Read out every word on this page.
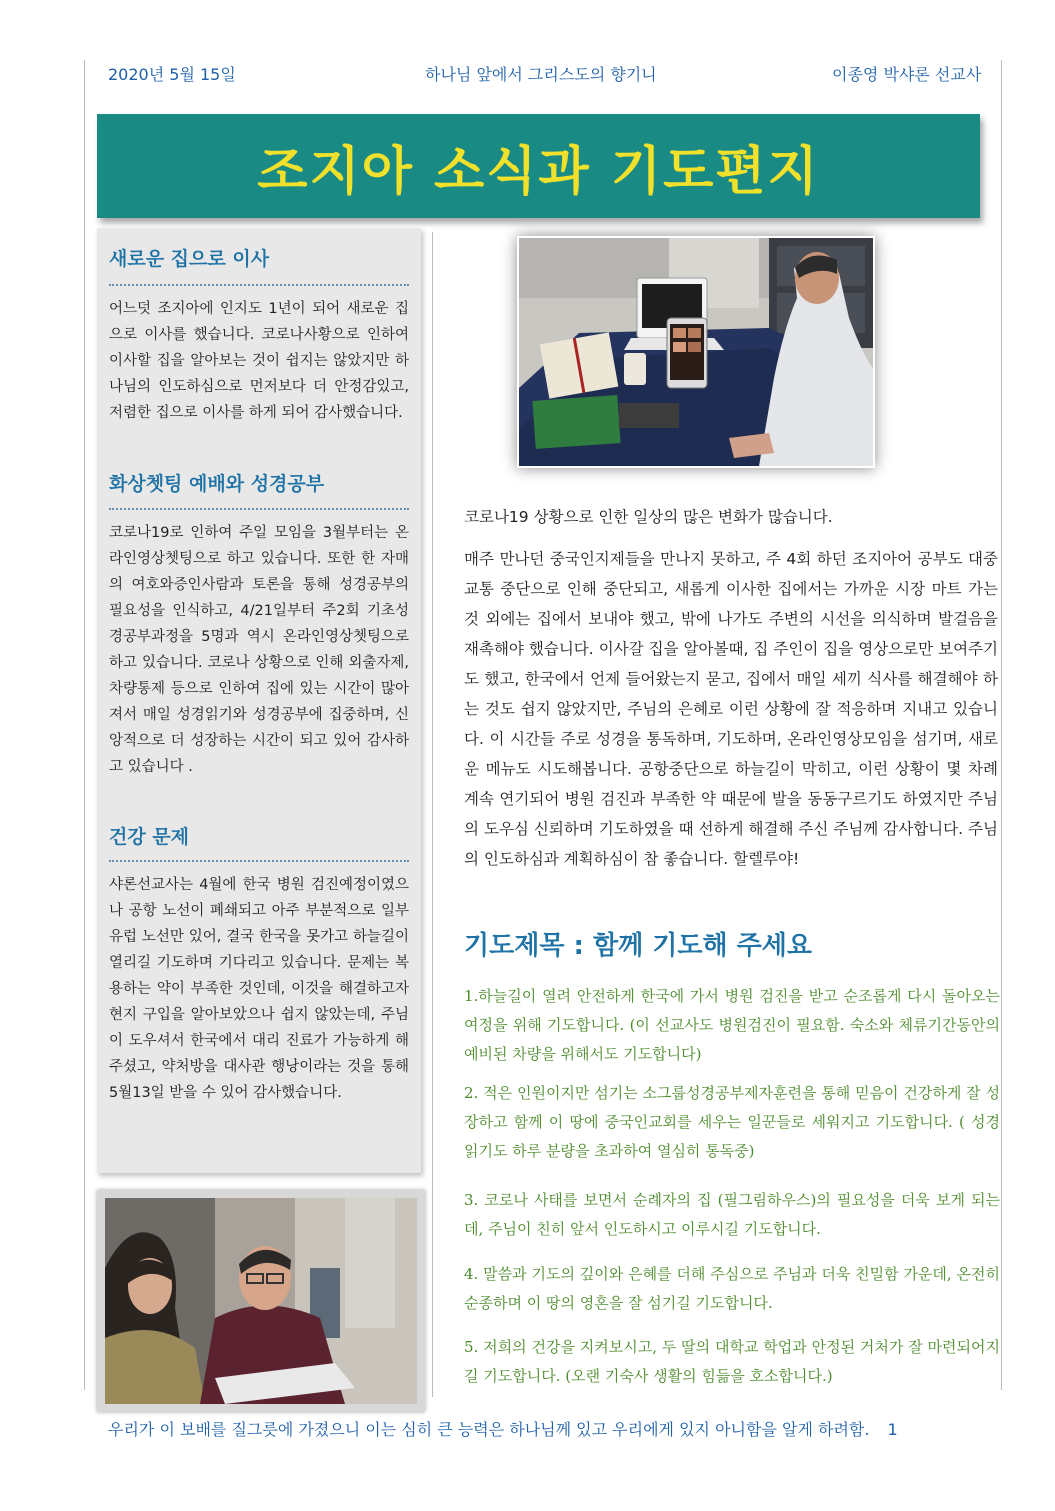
2020년 5월 15일	하나님 앞에서 그리스도의 향기니	이종영 박샤론 선교사
조지아 소식과 기도편지
새로운 집으로 이사

어느덧 조지아에 인지도 1년이 되어 새로운 집으로 이사를 했습니다. 코로나사황으로 인하여 이사할 집을 알아보는 것이 쉽지는 않았지만 하나님의 인도하심으로 먼저보다 더 안정감있고, 저렴한 집으로 이사를 하게 되어 감사했습니다.

화상쳇팅 예배와 성경공부

코로나19로 인하여 주일 모임을 3월부터는 온라인영상쳇팅으로 하고 있습니다. 또한 한 자매의 여호와증인사람과 토론을 통해 성경공부의 필요성을 인식하고, 4/21일부터 주2회 기초성경공부과정을 5명과 역시 온라인영상쳇팅으로 하고 있습니다. 코로나 상황으로 인해 외출자제, 차량통제 등으로 인하여 집에 있는 시간이 많아져서 매일 성경읽기와 성경공부에 집중하며, 신앙적으로 더 성장하는 시간이 되고 있어 감사하고 있습니다 .

건강 문제

샤론선교사는 4월에 한국 병원 검진예정이였으나 공항 노선이 폐쇄되고 아주 부분적으로 일부 유럽 노선만 있어, 결국 한국을 못가고 하늘길이 열리길 기도하며 기다리고 있습니다. 문제는 복용하는 약이 부족한 것인데, 이것을 해결하고자 현지 구입을 알아보았으나 쉽지 않았는데, 주님이 도우셔서 한국에서 대리 진료가 가능하게 해주셨고, 약처방을 대사관 행낭이라는 것을 통해 5월13일 받을 수 있어 감사했습니다.

코로나19 상황으로 인한 일상의 많은 변화가 많습니다.

매주 만나던 중국인지제들을 만나지 못하고, 주 4회 하던 조지아어 공부도 대중교통 중단으로 인해 중단되고, 새롭게 이사한 집에서는 가까운 시장 마트 가는 것 외에는 집에서 보내야 했고, 밖에 나가도 주변의 시선을 의식하며 발걸음을 재촉해야 했습니다. 이사갈 집을 알아볼때, 집 주인이 집을 영상으로만 보여주기도 했고, 한국에서 언제 들어왔는지 묻고, 집에서 매일 세끼 식사를 해결해야 하는 것도 쉽지 않았지만, 주님의 은혜로 이런 상황에 잘 적응하며 지내고 있습니다. 이 시간들 주로 성경을 통독하며, 기도하며, 온라인영상모임을 섬기며, 새로운 메뉴도 시도해봅니다. 공항중단으로 하늘길이 막히고, 이런 상황이 몇 차례 계속 연기되어 병원 검진과 부족한 약 때문에 발을 동동구르기도 하였지만 주님의 도우심 신뢰하며 기도하였을 때 선하게 해결해 주신 주님께 감사합니다. 주님의 인도하심과 계획하심이 참 좋습니다. 할렐루야!

기도제목 : 함께 기도해 주세요

1.하늘길이 열려 안전하게 한국에 가서 병원 검진을 받고 순조롭게 다시 돌아오는 여정을 위해 기도합니다. (이 선교사도 병원검진이 필요함. 숙소와 체류기간동안의 예비된 차량을 위해서도 기도합니다)

2. 적은 인원이지만 섬기는 소그룹성경공부제자훈련을 통해 믿음이 건강하게 잘 성장하고 함께 이 땅에 중국인교회를 세우는 일꾼들로 세워지고 기도합니다. ( 성경읽기도 하루 분량을 초과하여 열심히 통독중)

3. 코로나 사태를 보면서 순례자의 집 (필그림하우스)의 필요성을 더욱 보게 되는데, 주님이 친히 앞서 인도하시고 이루시길 기도합니다.

4. 말씀과 기도의 깊이와 은혜를 더해 주심으로 주님과 더욱 친밀함 가운데, 온전히 순종하며 이 땅의 영혼을 잘 섬기길 기도합니다.

5. 저희의 건강을 지켜보시고, 두 딸의 대학교 학업과 안정된 거처가 잘 마련되어지길 기도합니다. (오랜 기숙사 생활의 힘듦을 호소합니다.)

우리가 이 보배를 질그릇에 가졌으니 이는 심히 큰 능력은 하나님께 있고 우리에게 있지 아니함을 알게 하려함. 1
